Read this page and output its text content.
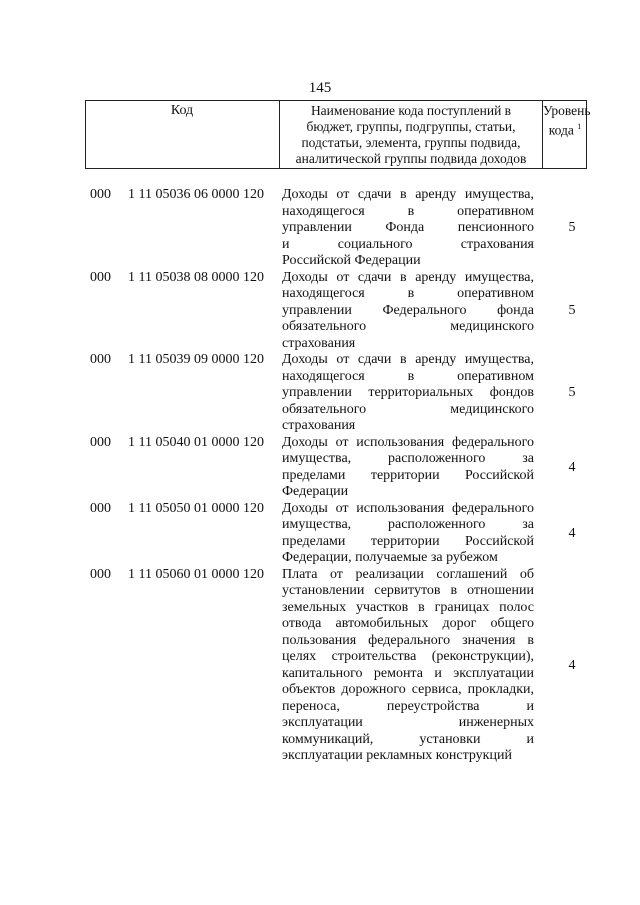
145
Код	Наименование кода поступлений в
бюджет, группы, подгруппы, статьи,
подстатьи, элемента, группы подвида,
аналитической группы подвида доходов
Уровень
кода $^1$
000 1 11 05036 06 0000 120 Доходы от сдачи в аренду имущества,
находящегося в оперативном
управлении Фонда пенсионного
и социального страхования
Российской Федерации
5
000 1 11 05038 08 0000 120 Доходы от сдачи в аренду имущества,
находящегося в оперативном
управлении Федерального фонда
обязательного медицинского
страхования
5
000 1 11 05039 09 0000 120 Доходы от сдачи в аренду имущества,
находящегося в оперативном
управлении территориальных фондов
обязательного медицинского
страхования
5
000 1 11 05040 01 0000 120 Доходы от использования федерального
имущества, расположенного за
пределами территории Российской
Федерации
4
000 1 11 05050 01 0000 120 Доходы от использования федерального
имущества, расположенного за
пределами территории Российской
Федерации, получаемые за рубежом
4
000 1 11 05060 01 0000 120 Плата от реализации соглашений об
установлении сервитутов в отношении
земельных участков в границах полос
отвода автомобильных дорог общего
пользования федерального значения в
целях строительства (реконструкции),
капитального ремонта и эксплуатации
объектов дорожного сервиса, прокладки,
переноса, переустройства и
эксплуатации инженерных
коммуникаций, установки и
эксплуатации рекламных конструкций
4
